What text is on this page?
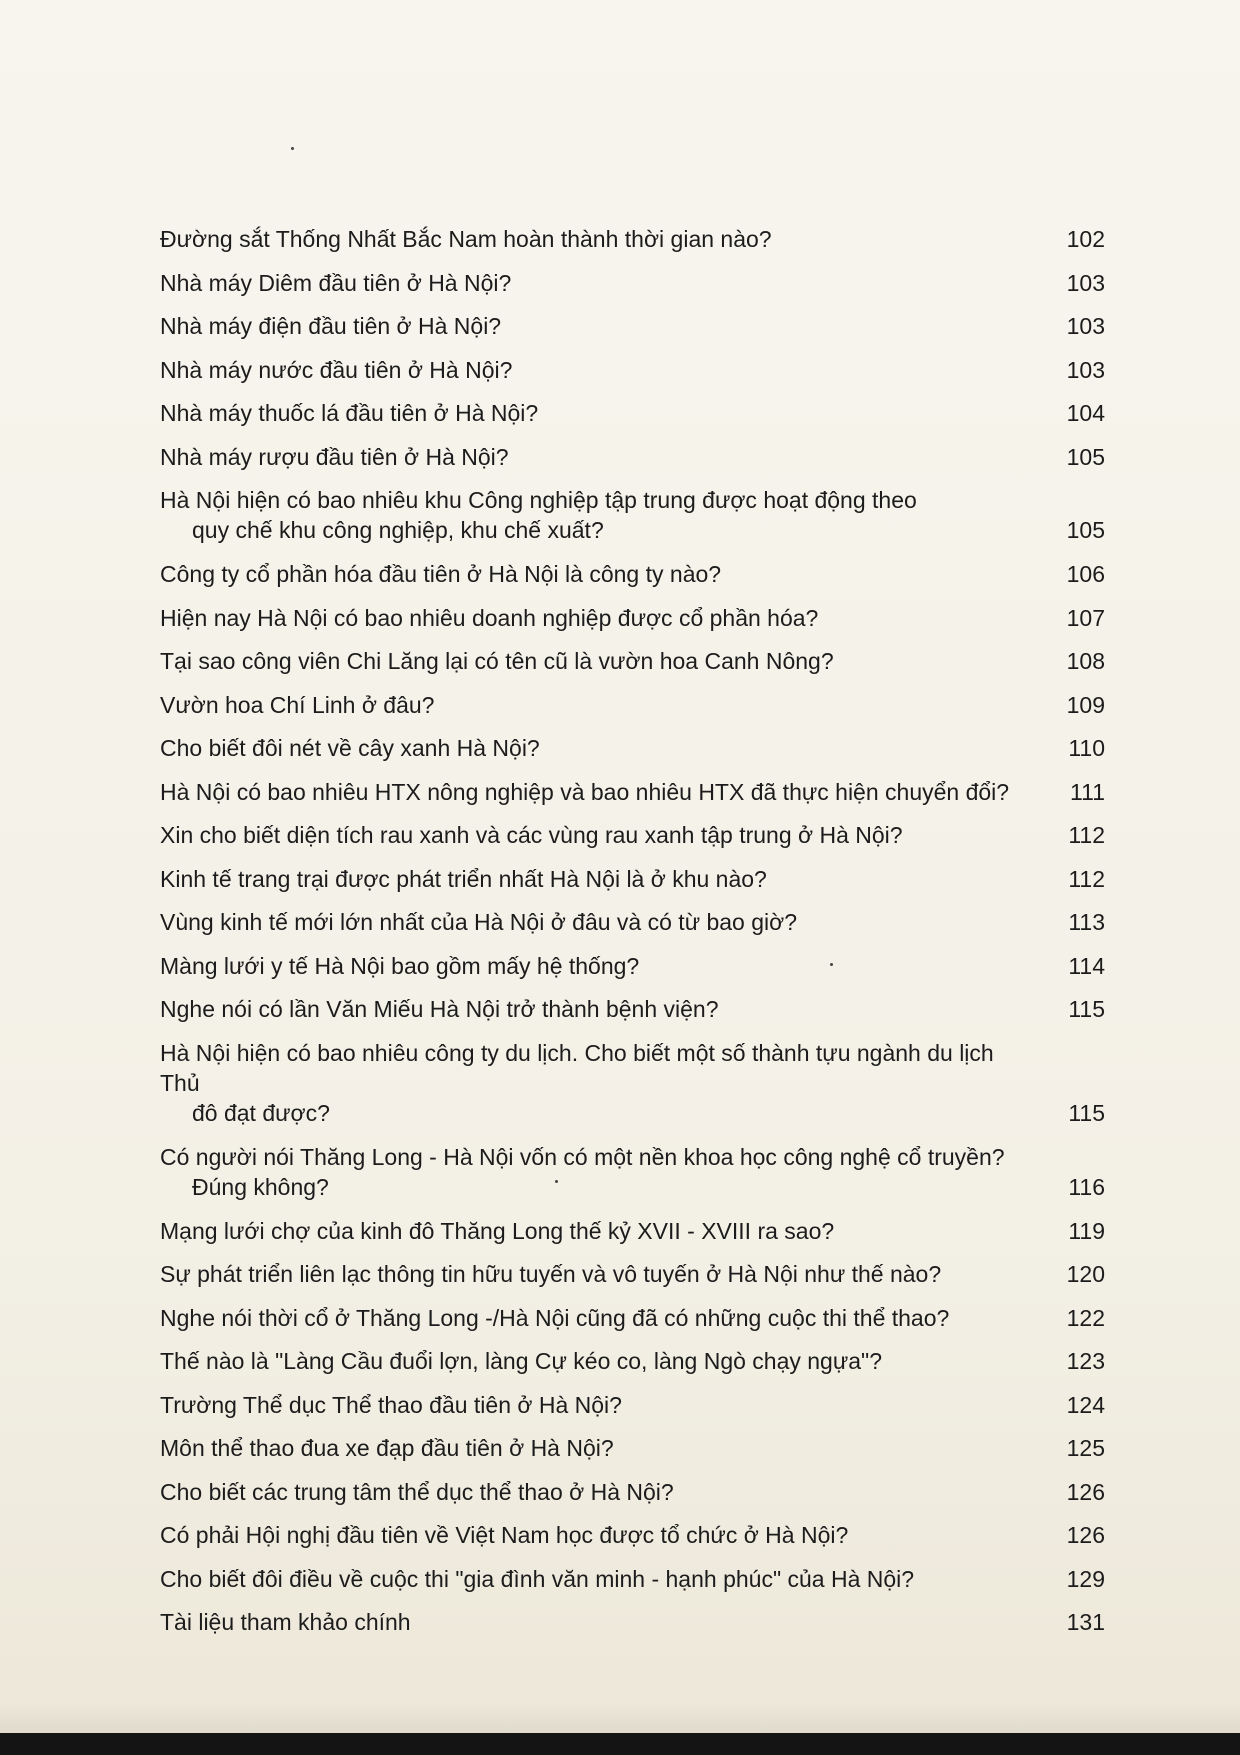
Đường sắt Thống Nhất Bắc Nam hoàn thành thời gian nào?	102
Nhà máy Diêm đầu tiên ở Hà Nội?	103
Nhà máy điện đầu tiên ở Hà Nội?	103
Nhà máy nước đầu tiên ở Hà Nội?	103
Nhà máy thuốc lá đầu tiên ở Hà Nội?	104
Nhà máy rượu đầu tiên ở Hà Nội?	105
Hà Nội hiện có bao nhiêu khu Công nghiệp tập trung được hoạt động theo
quy chế khu công nghiệp, khu chế xuất?	105
Công ty cổ phần hóa đầu tiên ở Hà Nội là công ty nào?	106
Hiện nay Hà Nội có bao nhiêu doanh nghiệp được cổ phần hóa?	107
Tại sao công viên Chi Lăng lại có tên cũ là vườn hoa Canh Nông?	108
Vườn hoa Chí Linh ở đâu?	109
Cho biết đôi nét về cây xanh Hà Nội?	110
Hà Nội có bao nhiêu HTX nông nghiệp và bao nhiêu HTX đã thực hiện chuyển đổi?	111
Xin cho biết diện tích rau xanh và các vùng rau xanh tập trung ở Hà Nội?	112
Kinh tế trang trại được phát triển nhất Hà Nội là ở khu nào?	112
Vùng kinh tế mới lớn nhất của Hà Nội ở đâu và có từ bao giờ?	113
Màng lưới y tế Hà Nội bao gồm mấy hệ thống?	114
Nghe nói có lần Văn Miếu Hà Nội trở thành bệnh viện?	115
Hà Nội hiện có bao nhiêu công ty du lịch. Cho biết một số thành tựu ngành du lịch Thủ
đô đạt được?	115
Có người nói Thăng Long - Hà Nội vốn có một nền khoa học công nghệ cổ truyền?
Đúng không?	116
Mạng lưới chợ của kinh đô Thăng Long thế kỷ XVII - XVIII ra sao?	119
Sự phát triển liên lạc thông tin hữu tuyến và vô tuyến ở Hà Nội như thế nào?	120
Nghe nói thời cổ ở Thăng Long -/Hà Nội cũng đã có những cuộc thi thể thao?	122
Thế nào là "Làng Cầu đuổi lợn, làng Cự kéo co, làng Ngò chạy ngựa"?	123
Trường Thể dục Thể thao đầu tiên ở Hà Nội?	124
Môn thể thao đua xe đạp đầu tiên ở Hà Nội?	125
Cho biết các trung tâm thể dục thể thao ở Hà Nội?	126
Có phải Hội nghị đầu tiên về Việt Nam học được tổ chức ở Hà Nội?	126
Cho biết đôi điều về cuộc thi "gia đình văn minh - hạnh phúc" của Hà Nội?	129
Tài liệu tham khảo chính	131
